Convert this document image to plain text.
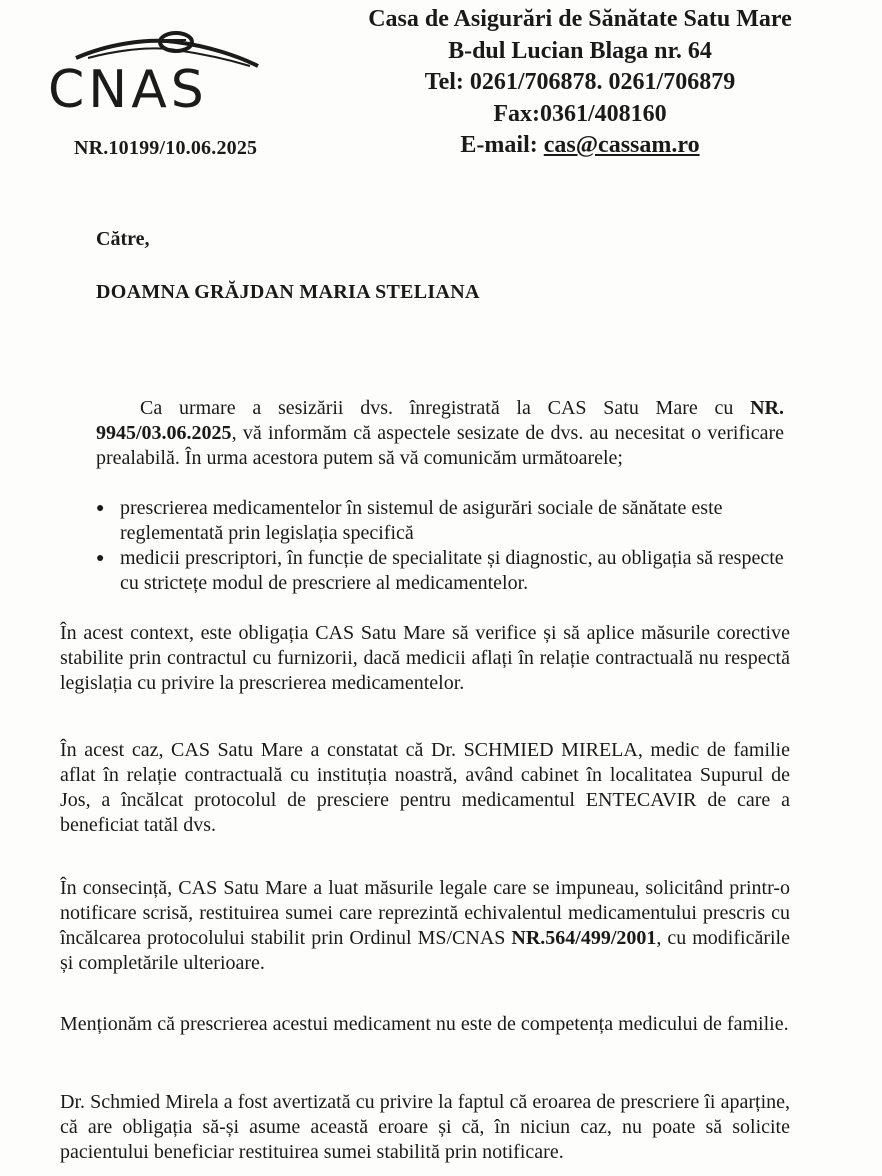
CNAS
NR.10199/10.06.2025
Casa de Asigurări de Sănătate Satu Mare
B-dul Lucian Blaga nr. 64
Tel: 0261/706878. 0261/706879
Fax:0361/408160
E-mail: cas@cassam.ro
Către,
DOAMNA GRĂJDAN MARIA STELIANA
Ca urmare a sesizării dvs. înregistrată la CAS Satu Mare cu NR. 9945/03.06.2025, vă informăm că aspectele sesizate de dvs. au necesitat o verificare prealabilă. În urma acestora putem să vă comunicăm următoarele;
● prescrierea medicamentelor în sistemul de asigurări sociale de sănătate este reglementată prin legislația specifică
● medicii prescriptori, în funcție de specialitate și diagnostic, au obligația să respecte cu strictețe modul de prescriere al medicamentelor.
În acest context, este obligația CAS Satu Mare să verifice și să aplice măsurile corective stabilite prin contractul cu furnizorii, dacă medicii aflați în relație contractuală nu respectă legislația cu privire la prescrierea medicamentelor.
În acest caz, CAS Satu Mare a constatat că Dr. SCHMIED MIRELA, medic de familie aflat în relație contractuală cu instituția noastră, având cabinet în localitatea Supurul de Jos, a încălcat protocolul de presciere pentru medicamentul ENTECAVIR de care a beneficiat tatăl dvs.
În consecință, CAS Satu Mare a luat măsurile legale care se impuneau, solicitând printr-o notificare scrisă, restituirea sumei care reprezintă echivalentul medicamentului prescris cu încălcarea protocolului stabilit prin Ordinul MS/CNAS NR.564/499/2001, cu modificările și completările ulterioare.
Menționăm că prescrierea acestui medicament nu este de competența medicului de familie.
Dr. Schmied Mirela a fost avertizată cu privire la faptul că eroarea de prescriere îi aparține, că are obligația să-și asume această eroare și că, în niciun caz, nu poate să solicite pacientului beneficiar restituirea sumei stabilită prin notificare.
